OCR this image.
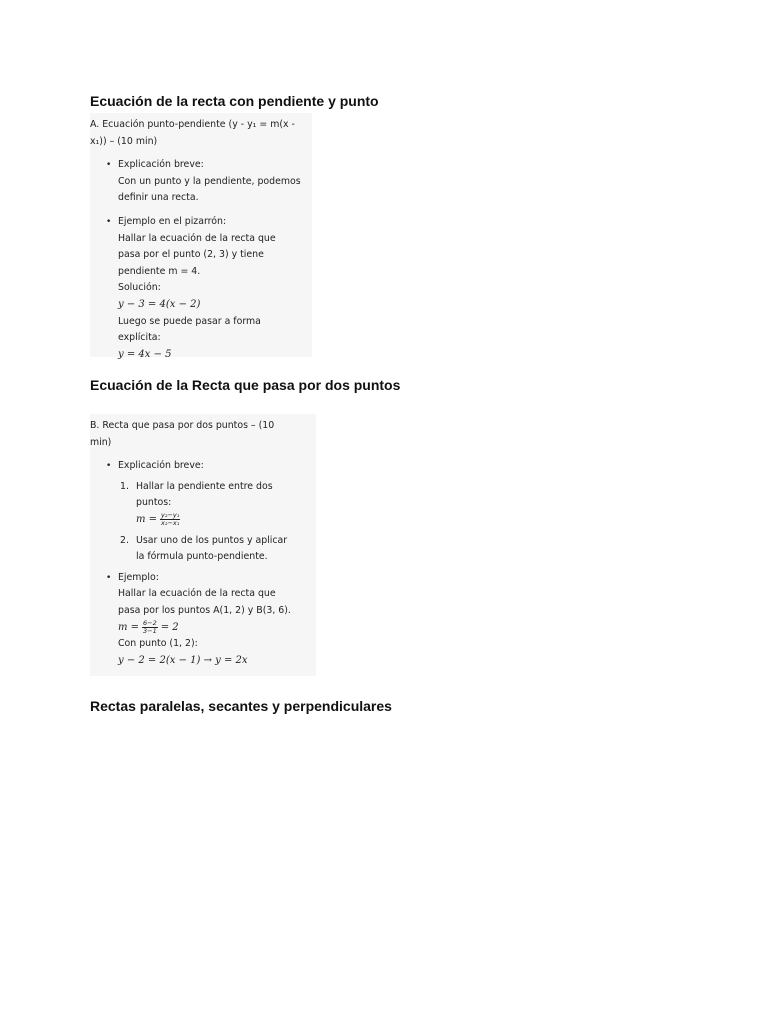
Ecuación de la recta con pendiente y punto
A. Ecuación punto-pendiente (y - y₁ = m(x -
x₁)) – (10 min)
• Explicación breve:
Con un punto y la pendiente, podemos
definir una recta.
• Ejemplo en el pizarrón:
Hallar la ecuación de la recta que
pasa por el punto (2, 3) y tiene
pendiente m = 4.
Solución:
y − 3 = 4(x − 2)
Luego se puede pasar a forma
explícita:
y = 4x − 5
Ecuación de la Recta que pasa por dos puntos
B. Recta que pasa por dos puntos – (10
min)
• Explicación breve:
1. Hallar la pendiente entre dos
puntos:
$m = \frac{\text{y₂−y₁}}{\text{x₂−x₁}}$
2. Usar uno de los puntos y aplicar
la fórmula punto-pendiente.
• Ejemplo:
Hallar la ecuación de la recta que
pasa por los puntos A(1, 2) y B(3, 6).
$m = \frac{6-2}{3-1} = 2$
Con punto (1, 2):
y − 2 = 2(x − 1) → y = 2x
Rectas paralelas, secantes y perpendiculares
